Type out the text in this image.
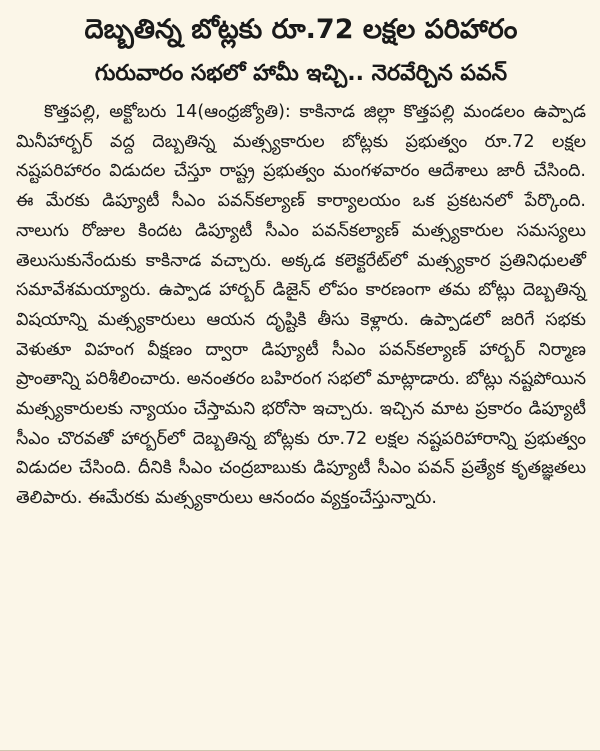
దెబ్బతిన్న బోట్లకు రూ.72 లక్షల పరిహారం
గురువారం సభలో హామీ ఇచ్చి.. నెరవేర్చిన పవన్

కొత్తపల్లి, అక్టోబరు 14(ఆంధ్రజ్యోతి): కాకినాడ జిల్లా కొత్తపల్లి మండలం ఉప్పాడ మినీహార్బర్ వద్ద దెబ్బతిన్న మత్స్యకారుల బోట్లకు ప్రభుత్వం రూ.72 లక్షల నష్టపరిహారం విడుదల చేస్తూ రాష్ట్ర ప్రభుత్వం మంగళవారం ఆదేశాలు జారీ చేసింది. ఈ మేరకు డిప్యూటీ సీఎం పవన్‌కల్యాణ్ కార్యాలయం ఒక ప్రకటనలో పేర్కొంది. నాలుగు రోజుల కిందట డిప్యూటీ సీఎం పవన్‌కల్యాణ్ మత్స్యకారుల సమస్యలు తెలుసుకునేందుకు కాకినాడ వచ్చారు. అక్కడ కలెక్టరేట్‌లో మత్స్యకార ప్రతినిధులతో సమావేశమయ్యారు. ఉప్పాడ హార్బర్ డిజైన్ లోపం కారణంగా తమ బోట్లు దెబ్బతిన్న విషయాన్ని మత్స్యకారులు ఆయన దృష్టికి తీసు కెళ్లారు. ఉప్పాడలో జరిగే సభకు వెళుతూ విహంగ వీక్షణం ద్వారా డిప్యూటీ సీఎం పవన్‌కల్యాణ్ హార్బర్ నిర్మాణ ప్రాంతాన్ని పరిశీలించారు. అనంతరం బహిరంగ సభలో మాట్లాడారు. బోట్లు నష్టపోయిన మత్స్యకారులకు న్యాయం చేస్తామని భరోసా ఇచ్చారు. ఇచ్చిన మాట ప్రకారం డిప్యూటీ సీఎం చొరవతో హార్బర్‌లో దెబ్బతిన్న బోట్లకు రూ.72 లక్షల నష్టపరిహారాన్ని ప్రభుత్వం విడుదల చేసింది. దీనికి సీఎం చంద్రబాబుకు డిప్యూటీ సీఎం పవన్ ప్రత్యేక కృతజ్ఞతలు తెలిపారు. ఈమేరకు మత్స్యకారులు ఆనందం వ్యక్తంచేస్తున్నారు.
